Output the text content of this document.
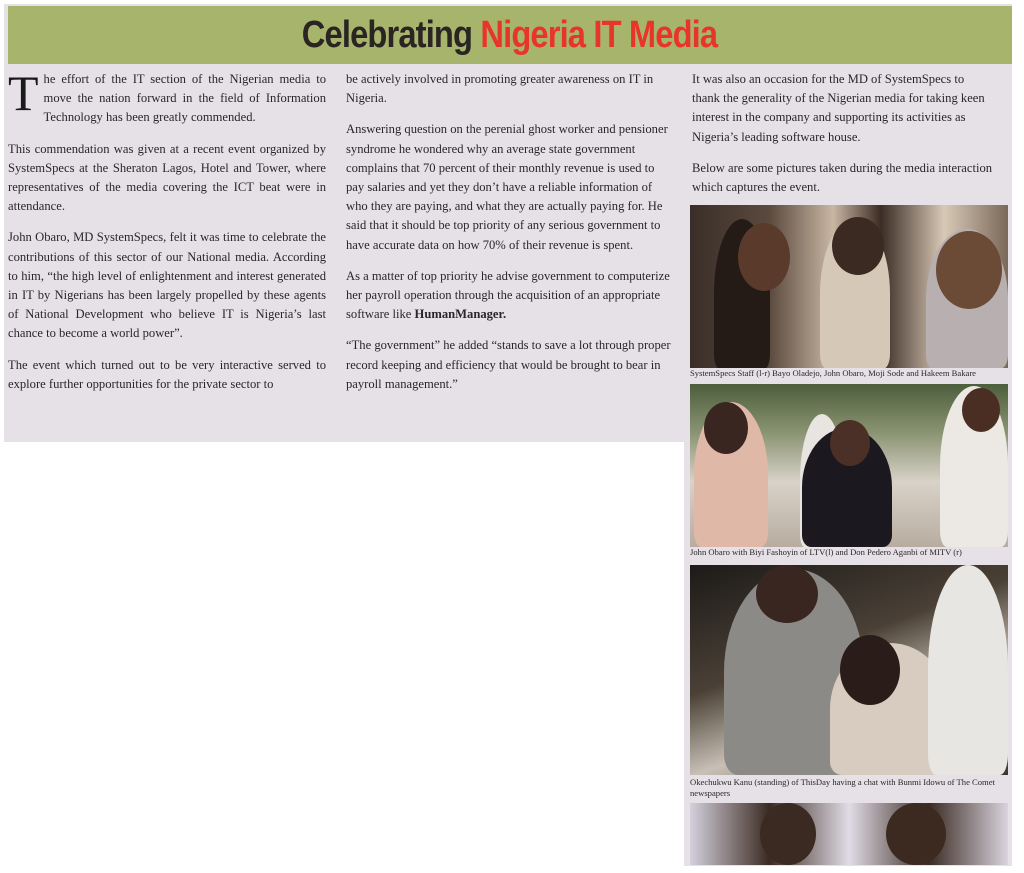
Celebrating Nigeria IT Media

The effort of the IT section of the Nigerian media to move the nation forward in the field of Information Technology has been greatly commended.

This commendation was given at a recent event organized by SystemSpecs at the Sheraton Lagos, Hotel and Tower, where representatives of the media covering the ICT beat were in attendance.

John Obaro, MD SystemSpecs, felt it was time to celebrate the contributions of this sector of our National media. According to him, “the high level of enlightenment and interest generated in IT by Nigerians has been largely propelled by these agents of National Development who believe IT is Nigeria’s last chance to become a world power”.

The event which turned out to be very interactive served to explore further opportunities for the private sector to

be actively involved in promoting greater awareness on IT in Nigeria.

Answering question on the perenial ghost worker and pensioner syndrome he wondered why an average state government complains that 70 percent of their monthly revenue is used to pay salaries and yet they don’t have a reliable information of who they are paying, and what they are actually paying for. He said that it should be top priority of any serious government to have accurate data on how 70% of their revenue is spent.

As a matter of top priority he advise government to computerize her payroll operation through the acquisition of an appropriate software like HumanManager.

“The government” he added “stands to save a lot through proper record keeping and efficiency that would be brought to bear in payroll management.”

It was also an occasion for the MD of SystemSpecs to thank the generality of the Nigerian media for taking keen interest in the company and supporting its activities as Nigeria’s leading software house.

Below are some pictures taken during the media interaction which captures the event.

SystemSpecs Staff (l-r) Bayo Oladejo, John Obaro, Moji Sode and Hakeem Bakare
John Obaro with Biyi Fashoyin of LTV(l) and Don Pedero Aganbi of MITV (r)
Okechukwu Kanu (standing) of ThisDay having a chat with Bunmi Idowu of The Comet newspapers
